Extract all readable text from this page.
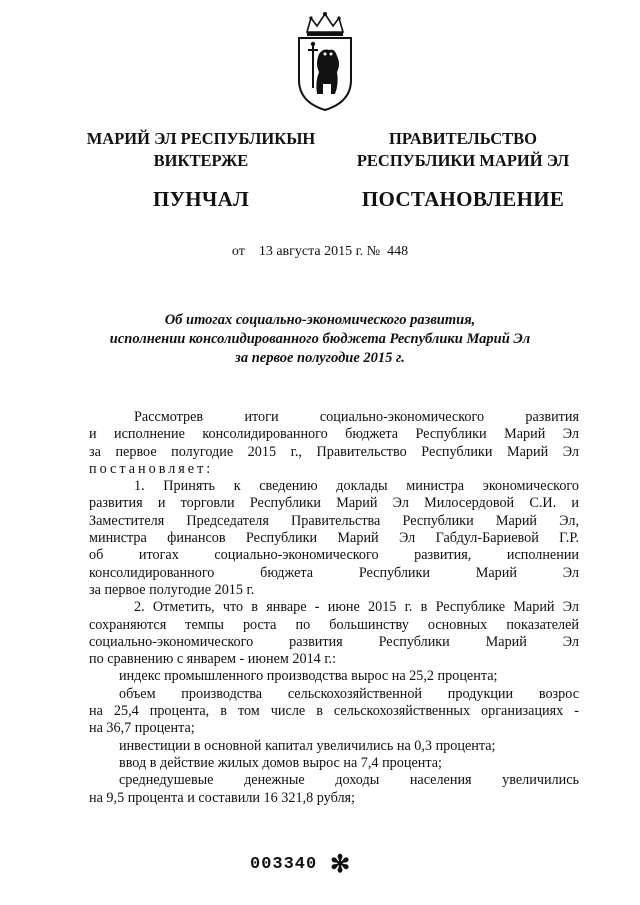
МАРИЙ ЭЛ РЕСПУБЛИКЫН
ВИКТЕРЖЕ
ПУНЧАЛ
ПРАВИТЕЛЬСТВО
РЕСПУБЛИКИ МАРИЙ ЭЛ
ПОСТАНОВЛЕНИЕ
от 13 августа 2015 г. № 448
Об итогах социально-экономического развития,
исполнении консолидированного бюджета Республики Марий Эл
за первое полугодие 2015 г.

Рассмотрев итоги социально-экономического развития

и исполнение консолидированного бюджета Республики Марий Эл

за первое полугодие 2015 г., Правительство Республики Марий Эл

постановляет:

1. Принять к сведению доклады министра экономического

развития и торговли Республики Марий Эл Милосердовой С.И. и

Заместителя Председателя Правительства Республики Марий Эл,

министра финансов Республики Марий Эл Габдул-Бариевой Г.Р.

об итогах социально-экономического развития, исполнении

консолидированного бюджета Республики Марий Эл

за первое полугодие 2015 г.

2. Отметить, что в январе - июне 2015 г. в Республике Марий Эл

сохраняются темпы роста по большинству основных показателей

социально-экономического развития Республики Марий Эл

по сравнению с январем - июнем 2014 г.:

индекс промышленного производства вырос на 25,2 процента;

объем производства сельскохозяйственной продукции возрос

на 25,4 процента, в том числе в сельскохозяйственных организациях -

на 36,7 процента;

инвестиции в основной капитал увеличились на 0,3 процента;

ввод в действие жилых домов вырос на 7,4 процента;

среднедушевые денежные доходы населения увеличились

на 9,5 процента и составили 16 321,8 рубля;

003340 ✻
